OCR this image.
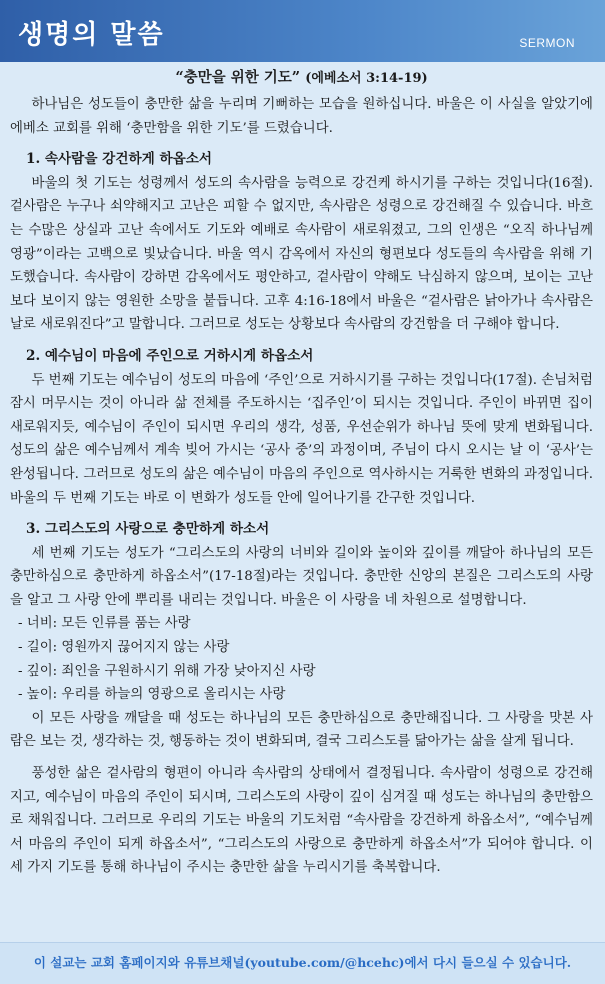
생명의 말씀	SERMON
“충만을 위한 기도” (에베소서 3:14-19)

하나님은 성도들이 충만한 삶을 누리며 기뻐하는 모습을 원하십니다. 바울은 이 사실을 알았기에 에베소 교회를 위해 ‘충만함을 위한 기도’를 드렸습니다.

1. 속사람을 강건하게 하옵소서

바울의 첫 기도는 성령께서 성도의 속사람을 능력으로 강건케 하시기를 구하는 것입니다(16절). 겉사람은 누구나 쇠약해지고 고난은 피할 수 없지만, 속사람은 성령으로 강건해질 수 있습니다. 바흐는 수많은 상실과 고난 속에서도 기도와 예배로 속사람이 새로워졌고, 그의 인생은 “오직 하나님께 영광”이라는 고백으로 빛났습니다. 바울 역시 감옥에서 자신의 형편보다 성도들의 속사람을 위해 기도했습니다. 속사람이 강하면 감옥에서도 평안하고, 겉사람이 약해도 낙심하지 않으며, 보이는 고난보다 보이지 않는 영원한 소망을 붙듭니다. 고후 4:16-18에서 바울은 “겉사람은 낡아가나 속사람은 날로 새로워진다”고 말합니다. 그러므로 성도는 상황보다 속사람의 강건함을 더 구해야 합니다.

2. 예수님이 마음에 주인으로 거하시게 하옵소서

두 번째 기도는 예수님이 성도의 마음에 ‘주인’으로 거하시기를 구하는 것입니다(17절). 손님처럼 잠시 머무시는 것이 아니라 삶 전체를 주도하시는 ‘집주인’이 되시는 것입니다. 주인이 바뀌면 집이 새로워지듯, 예수님이 주인이 되시면 우리의 생각, 성품, 우선순위가 하나님 뜻에 맞게 변화됩니다. 성도의 삶은 예수님께서 계속 빚어 가시는 ‘공사 중’의 과정이며, 주님이 다시 오시는 날 이 ‘공사’는 완성됩니다. 그러므로 성도의 삶은 예수님이 마음의 주인으로 역사하시는 거룩한 변화의 과정입니다. 바울의 두 번째 기도는 바로 이 변화가 성도들 안에 일어나기를 간구한 것입니다.

3. 그리스도의 사랑으로 충만하게 하소서

세 번째 기도는 성도가 “그리스도의 사랑의 너비와 길이와 높이와 깊이를 깨달아 하나님의 모든 충만하심으로 충만하게 하옵소서”(17-18절)라는 것입니다. 충만한 신앙의 본질은 그리스도의 사랑을 알고 그 사랑 안에 뿌리를 내리는 것입니다. 바울은 이 사랑을 네 차원으로 설명합니다.

- 너비: 모든 인류를 품는 사랑
- 길이: 영원까지 끊어지지 않는 사랑
- 깊이: 죄인을 구원하시기 위해 가장 낮아지신 사랑
- 높이: 우리를 하늘의 영광으로 올리시는 사랑

이 모든 사랑을 깨달을 때 성도는 하나님의 모든 충만하심으로 충만해집니다. 그 사랑을 맛본 사람은 보는 것, 생각하는 것, 행동하는 것이 변화되며, 결국 그리스도를 닮아가는 삶을 살게 됩니다.

풍성한 삶은 겉사람의 형편이 아니라 속사람의 상태에서 결정됩니다. 속사람이 성령으로 강건해지고, 예수님이 마음의 주인이 되시며, 그리스도의 사랑이 깊이 심겨질 때 성도는 하나님의 충만함으로 채워집니다. 그러므로 우리의 기도는 바울의 기도처럼 “속사람을 강건하게 하옵소서”, “예수님께서 마음의 주인이 되게 하옵소서”, “그리스도의 사랑으로 충만하게 하옵소서”가 되어야 합니다. 이 세 가지 기도를 통해 하나님이 주시는 충만한 삶을 누리시기를 축복합니다.

이 설교는 교회 홈페이지와 유튜브채널(youtube.com/@hcehc)에서 다시 들으실 수 있습니다.
